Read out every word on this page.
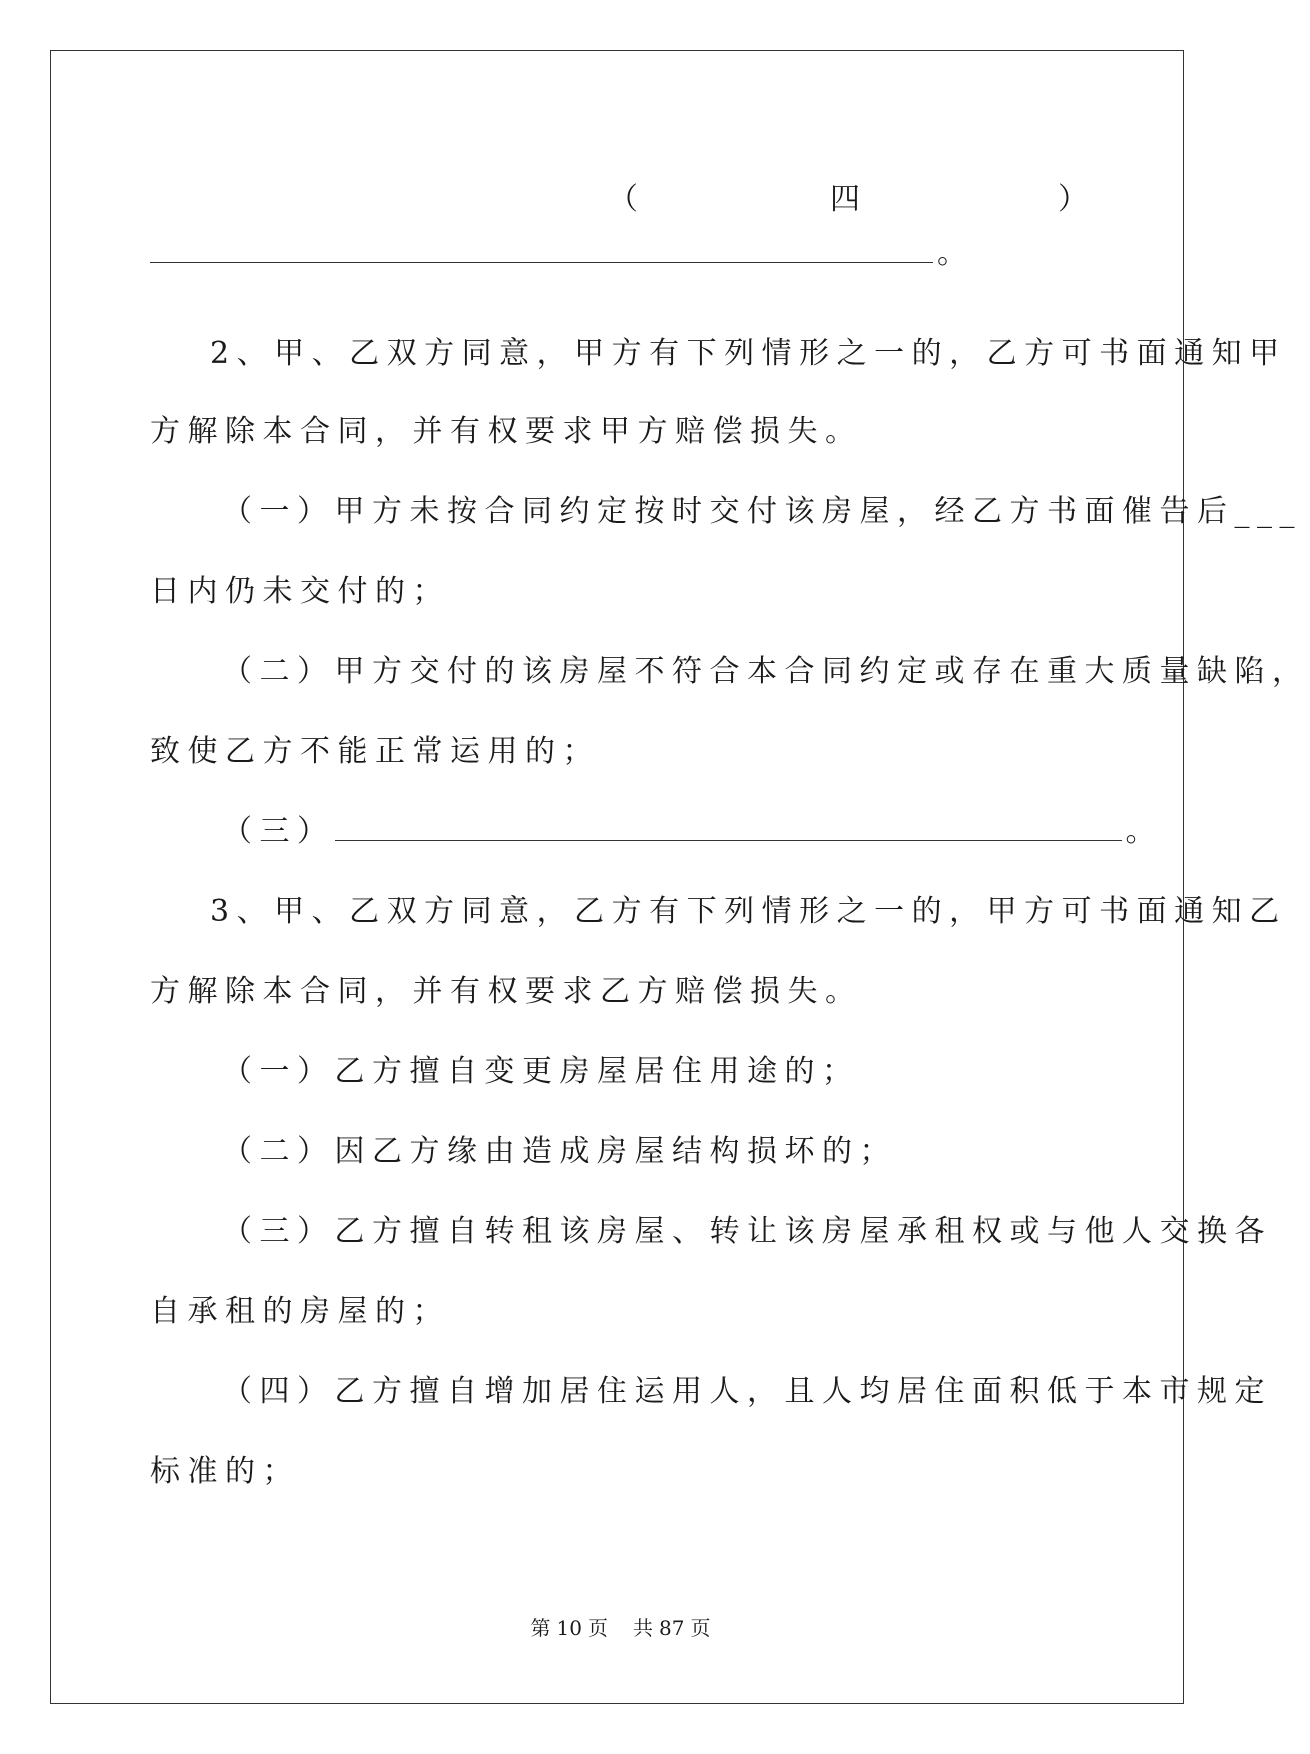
（	四	）
。
2、甲、乙双方同意，甲方有下列情形之一的，乙方可书面通知甲
方解除本合同，并有权要求甲方赔偿损失。
（一）甲方未按合同约定按时交付该房屋，经乙方书面催告后___
日内仍未交付的；
（二）甲方交付的该房屋不符合本合同约定或存在重大质量缺陷，
致使乙方不能正常运用的；
（三）	。
3、甲、乙双方同意，乙方有下列情形之一的，甲方可书面通知乙
方解除本合同，并有权要求乙方赔偿损失。
（一）乙方擅自变更房屋居住用途的；
（二）因乙方缘由造成房屋结构损坏的；
（三）乙方擅自转租该房屋、转让该房屋承租权或与他人交换各
自承租的房屋的；
（四）乙方擅自增加居住运用人，且人均居住面积低于本市规定
标准的；
第 10 页 共 87 页
